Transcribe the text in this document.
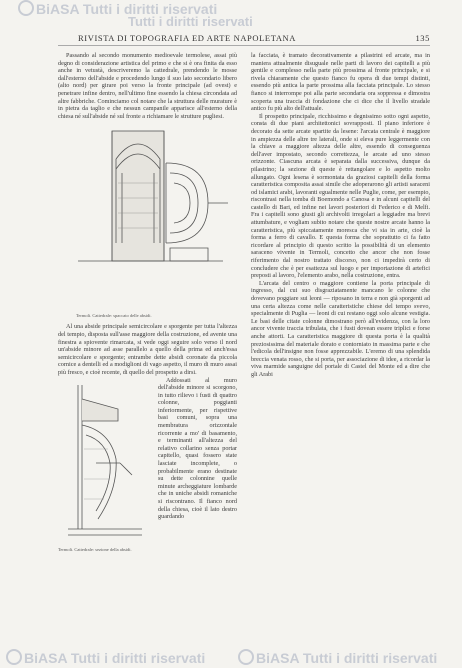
BiASA Tutti i diritti riservati
Tutti i diritti riservati
RIVISTA DI TOPOGRAFIA ED ARTE NAPOLETANA	135

Passando al secondo monumento medioevale termolese, assai più degno di considerazione artistica del primo e che si è ora finita da esso anche in vetustà, descriveremo la cattedrale, prendendo le mosse dall'esterno dell'abside e procedendo lungo il suo lato secondario libero (alto nord) per girare poi verso la fronte principale (ad ovest) e penetrare infine dentro, nell'ultimo fine essendo la chiesa circondata ad altre fabbriche. Cominciamo col notare che la struttura delle murature è in pietra da taglio e che nessun campanile apparisce all'esterno della chiesa né sull'abside né sul fronte a richiamare le strutture pugliesi.

Termoli. Cattedrale: spaccato delle absidi.

Al una abside principale semicircolare e sporgente per tutta l'altezza del tempio, disposta sull'asse maggiore della costruzione, ed avente una finestra a spiovente rimarcata, si vede oggi seguire solo verso il nord un'abside minore ad asse parallelo a quello della prima ed anch'essa semicircolare e sporgente; entrambe dette absidi coronate da piccola cornice a dentelli ed a modiglioni di vago aspetto, il muro di muro assai più fresco, e cioè recente, di quello del prospetto a dirsi.

Termoli. Cattedrale: sezione della absidi.

Addossati al muro dell'abside minore si scorgono, in tutto rilievo i fusti di quattro colonne, poggianti inferiormente, per rispettive basi comuni, sopra una membratura orizzontale ricorrente a mo' di basamento, e terminanti all'altezza del relativo collarino senza portar capitello, quasi fossero state lasciate incomplete, o probabilmente erano destinate su dette colonnine quelle minute archeggiature lombarde che in uniche absidi romaniche si riscontrano. Il fianco nord della chiesa, cioè il lato destro guardando

la facciata, è tramato decorativamente a pilastrini ed arcate, ma in maniera attualmente disuguale nelle parti di lavoro dei capitelli a più gentile e complesso nella parte più prossima al fronte principale, e si rivela chiaramente che questo fianco fu opera di due tempi distinti, essendo più antica la parte prossima alla facciata principale. Lo stesso fianco si interrompe poi alla parte secondaria ora soppressa e dimostra scoperta una traccia di fondazione che ci dice che il livello stradale antico fu più alto dell'attuale.

Il prospetto principale, ricchissimo e degnissimo sotto ogni aspetto, consta di due piani architettonici sovrapposti. Il piano inferiore è decorato da sette arcate spartite da lesene: l'arcata centrale è maggiore in ampiezza delle altre tre laterali, onde si eleva pure leggermente con la chiave a maggiore altezza delle altre, essendo di conseguenza dell'aver impostato, secondo correttezza, le arcate ad uno stesso orizzonte. Ciascuna arcata è separata dalla successiva, dunque da pilastrino; la sezione di queste è rettangolare e lo aspetto molto allungato. Ogni lesena è sormontata da graziosi capitelli della forma caratteristica composita assai simile che adoperarono gli artisti saraceni od islamici arabi, lavoranti egualmente nelle Puglie, come, per esempio, riscontrasi nella tomba di Boemondo a Canosa e in alcuni capitelli del castello di Bari, ed infine nei lavori posteriori di Federico e di Melfi. Fra i capitelli sono giusti gli archivolti irregolari a leggiadre ma brevi attumbature, e vogliam subito notare che queste nostre arcate hanno la caratteristica, più spiccatamente moresca che vi sia in arte, cioè la forma a ferro di cavallo. E questa forma che soprattutto ci fa fatto ricordare al principio di questo scritto la possibilità di un elemento saraceno vivente in Termoli, concetto che ancor che non fosse riferimento dal nostro trattato discorso, non ci impedirà certo di concludere che è per esattezza sul luogo e per importazione di artefici preposti al lavoro, l'elemento arabo, nella costruzione, entra.

L'arcata del centro o maggiore contiene la porta principale di ingresso, dal cui suo disgraziatamente mancano le colonne che dovevano poggiare sui leoni — riposano in terra e non già sporgenti ad una certa altezza come nelle caratteristiche chiese del tempo svevo, specialmente di Puglia — leoni di cui restano oggi solo alcune vestigia. Le basi delle citate colonne dimostrano però all'evidenza, con la loro ancor vivente traccia tribulata, che i fusti dovean essere triplici e forse anche attorti. La caratteristica maggiore di questa porta è la qualità preziosissima del materiale dorato e contorniato in massima parte e che l'edicola dell'insigne non fosse apprezzabile. L'eremo di una splendida breccia venata rosso, che si porta, per associazione di idee, a ricordar la viva marmide sanguigne del portale di Castel del Monte ed a dire che gli Arabi

BiASA Tutti i diritti riservati	BiASA Tutti i diritti riservati
